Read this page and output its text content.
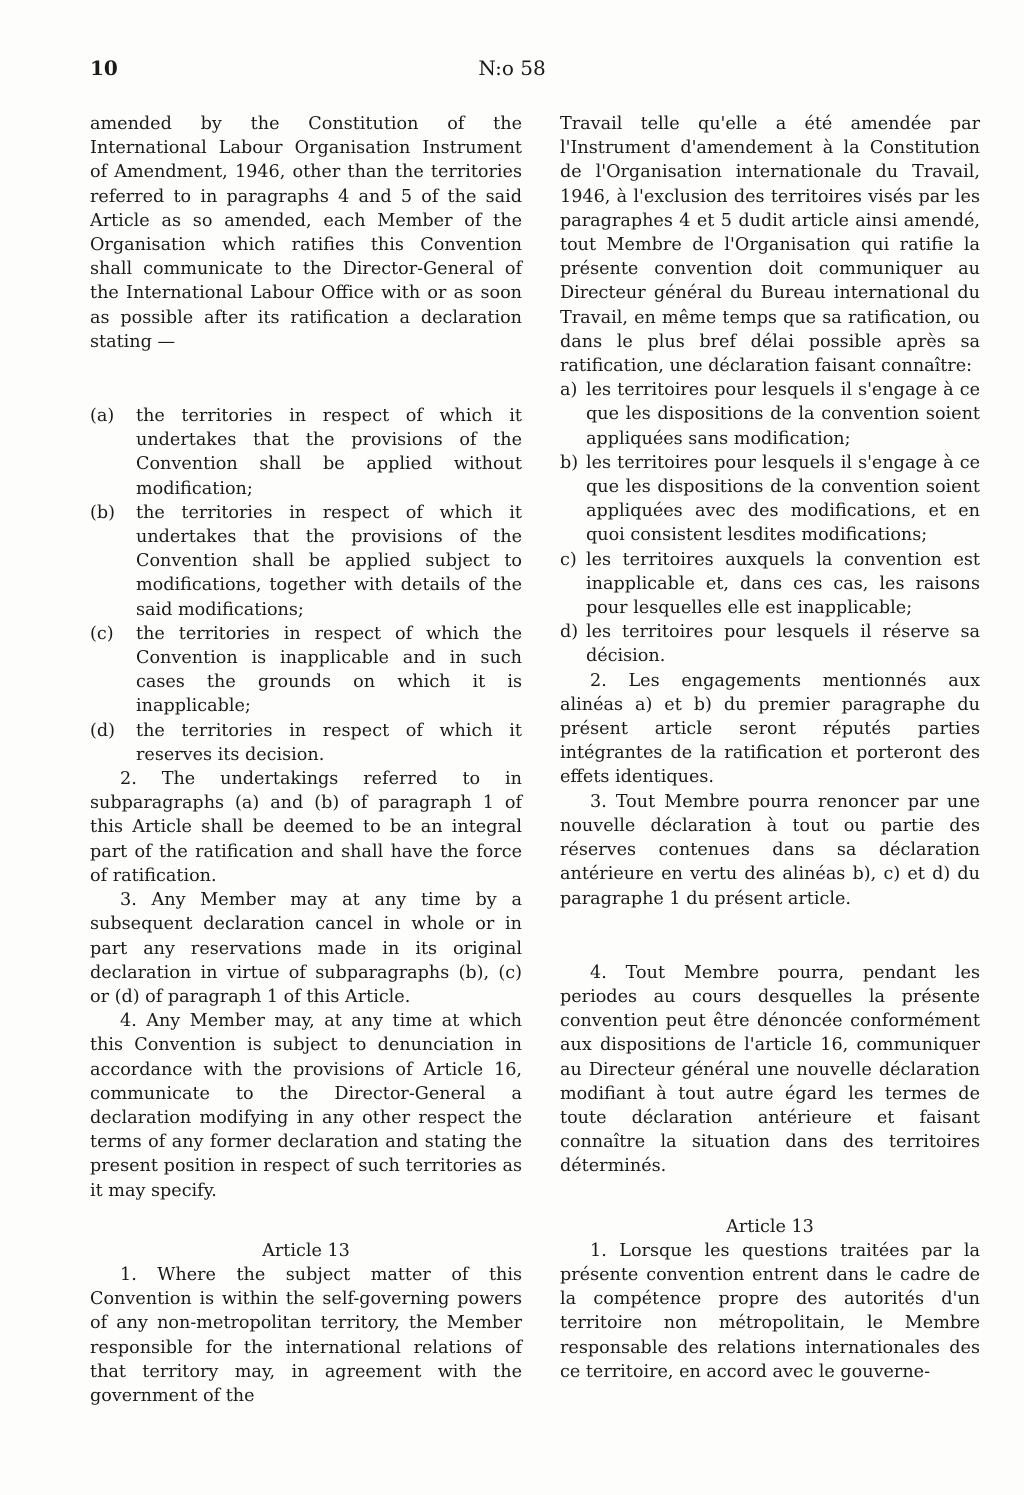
10	N:o 58

amended by the Constitution of the International Labour Organisation Instrument of Amendment, 1946, other than the territories referred to in paragraphs 4 and 5 of the said Article as so amended, each Member of the Organisation which ratifies this Convention shall communicate to the Director-General of the International Labour Office with or as soon as possible after its ratification a declaration stating —

(a)	the territories in respect of which it undertakes that the provisions of the Convention shall be applied without modification;
(b)	the territories in respect of which it undertakes that the provisions of the Convention shall be applied subject to modifications, together with details of the said modifications;
(c)	the territories in respect of which the Convention is inapplicable and in such cases the grounds on which it is inapplicable;
(d)	the territories in respect of which it reserves its decision.

2. The undertakings referred to in subparagraphs (a) and (b) of paragraph 1 of this Article shall be deemed to be an integral part of the ratification and shall have the force of ratification.

3. Any Member may at any time by a subsequent declaration cancel in whole or in part any reservations made in its original declaration in virtue of subparagraphs (b), (c) or (d) of paragraph 1 of this Article.

4. Any Member may, at any time at which this Convention is subject to denunciation in accordance with the provisions of Article 16, communicate to the Director-General a declaration modifying in any other respect the terms of any former declaration and stating the present position in respect of such territories as it may specify.

Article 13

1. Where the subject matter of this Convention is within the self-governing powers of any non-metropolitan territory, the Member responsible for the international relations of that territory may, in agreement with the government of the

Travail telle qu'elle a été amendée par l'Instrument d'amendement à la Constitution de l'Organisation internationale du Travail, 1946, à l'exclusion des territoires visés par les paragraphes 4 et 5 dudit article ainsi amendé, tout Membre de l'Organisation qui ratifie la présente convention doit communiquer au Directeur général du Bureau international du Travail, en même temps que sa ratification, ou dans le plus bref délai possible après sa ratification, une déclaration faisant connaître:

a) les territoires pour lesquels il s'engage à ce que les dispositions de la convention soient appliquées sans modification;
b) les territoires pour lesquels il s'engage à ce que les dispositions de la convention soient appliquées avec des modifications, et en quoi consistent lesdites modifications;
c) les territoires auxquels la convention est inapplicable et, dans ces cas, les raisons pour lesquelles elle est inapplicable;
d) les territoires pour lesquels il réserve sa décision.

2. Les engagements mentionnés aux alinéas a) et b) du premier paragraphe du présent article seront réputés parties intégrantes de la ratification et porteront des effets identiques.

3. Tout Membre pourra renoncer par une nouvelle déclaration à tout ou partie des réserves contenues dans sa déclaration antérieure en vertu des alinéas b), c) et d) du paragraphe 1 du présent article.

4. Tout Membre pourra, pendant les periodes au cours desquelles la présente convention peut être dénoncée conformément aux dispositions de l'article 16, communiquer au Directeur général une nouvelle déclaration modifiant à tout autre égard les termes de toute déclaration antérieure et faisant connaître la situation dans des territoires déterminés.

Article 13

1. Lorsque les questions traitées par la présente convention entrent dans le cadre de la compétence propre des autorités d'un territoire non métropolitain, le Membre responsable des relations internationales des ce territoire, en accord avec le gouverne-
